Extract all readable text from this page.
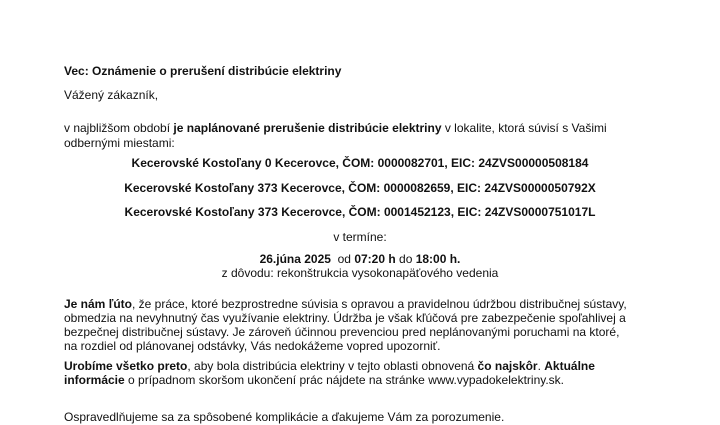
Vec: Oznámenie o prerušení distribúcie elektriny
Vážený zákazník,
v najbližšom období je naplánované prerušenie distribúcie elektriny v lokalite, ktorá súvisí s Vašimi
odbernými miestami:
Kecerovské Kostoľany 0 Kecerovce, ČOM: 0000082701, EIC: 24ZVS00000508184
Kecerovské Kostoľany 373 Kecerovce, ČOM: 0000082659, EIC: 24ZVS0000050792X
Kecerovské Kostoľany 373 Kecerovce, ČOM: 0001452123, EIC: 24ZVS0000751017L
v termíne:
26.júna 2025  od 07:20 h do 18:00 h.
z dôvodu: rekonštrukcia vysokonapäťového vedenia
Je nám ľúto, že práce, ktoré bezprostredne súvisia s opravou a pravidelnou údržbou distribučnej sústavy,
obmedzia na nevyhnutný čas využívanie elektriny. Údržba je však kľúčová pre zabezpečenie spoľahlivej a
bezpečnej distribučnej sústavy. Je zároveň účinnou prevenciou pred neplánovanými poruchami na ktoré,
na rozdiel od plánovanej odstávky, Vás nedokážeme vopred upozorniť.
Urobíme všetko preto, aby bola distribúcia elektriny v tejto oblasti obnovená čo najskôr. Aktuálne
informácie o prípadnom skoršom ukončení prác nájdete na stránke www.vypadokelektriny.sk.
Ospravedlňujeme sa za spôsobené komplikácie a ďakujeme Vám za porozumenie.
